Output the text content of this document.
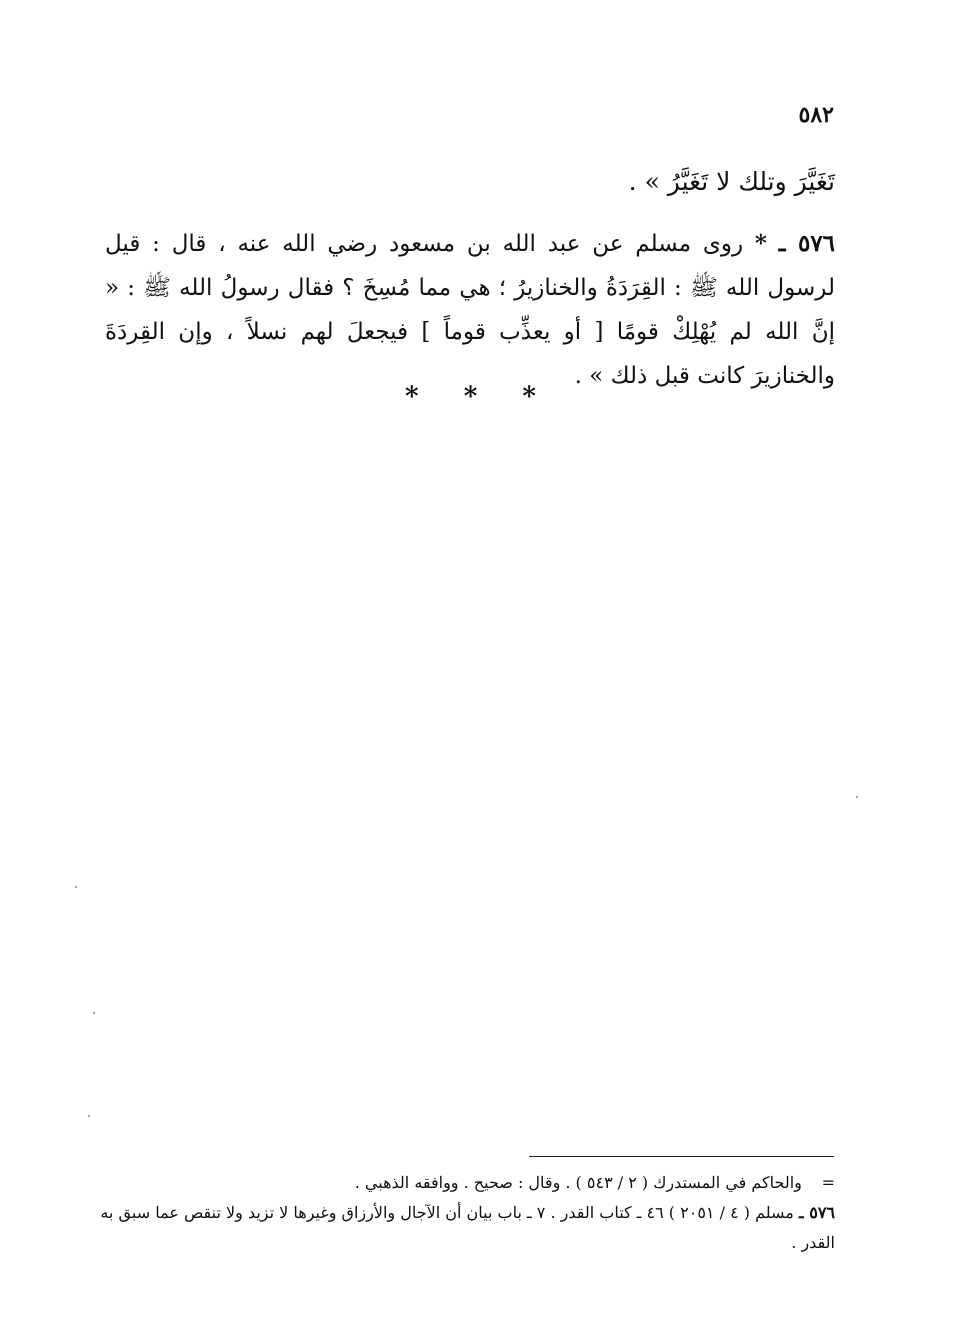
٥٨٢
تَغَيَّرَ وتلك لا تَغَيَّرُ » .
٥٧٦ ـ * روى مسلم عن عبد الله بن مسعود رضي الله عنه ، قال : قيل لرسول الله ﷺ : القِرَدَةُ والخنازيرُ ؛ هي مما مُسِخَ ؟ فقال رسولُ الله ﷺ : « إنَّ الله لم يُهْلِكْ قومًا [ أو يعذِّب قوماً ] فيجعلَ لهم نسلاً ، وإن القِردَةَ والخنازيرَ كانت قبل ذلك » .
* * *

= والحاكم في المستدرك ( ٢ / ٥٤٣ ) . وقال : صحيح . ووافقه الذهبي .

٥٧٦ ـ مسلم ( ٤ / ٢٠٥١ ) ٤٦ ـ كتاب القدر . ٧ ـ باب بيان أن الآجال والأرزاق وغيرها لا تزيد ولا تنقص عما سبق به القدر .
